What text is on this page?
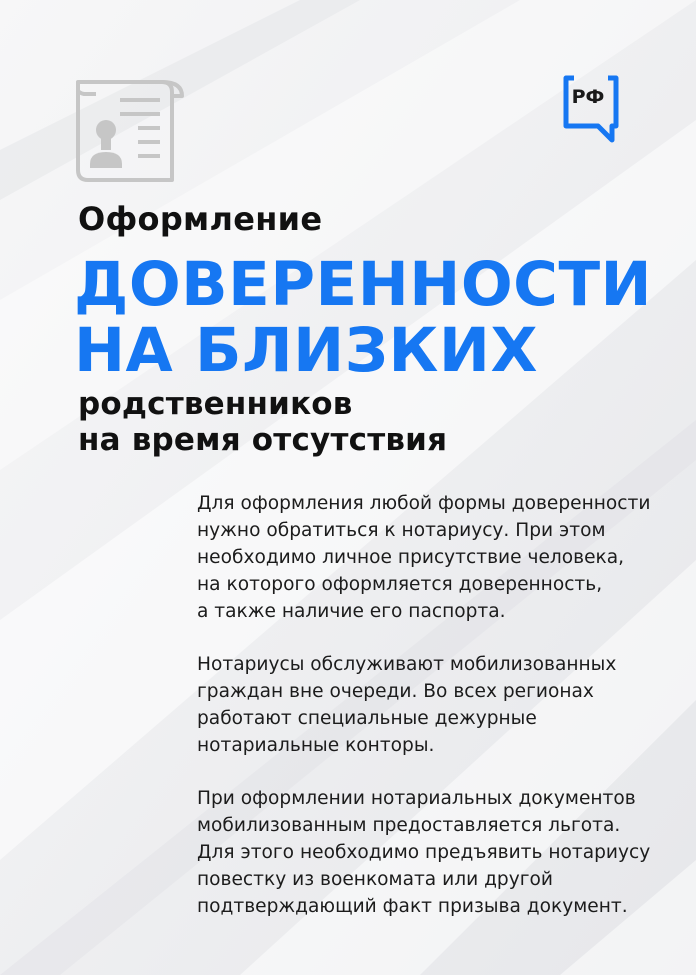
РФ
Оформление
ДОВЕРЕННОСТИ
НА БЛИЗКИХ
родственников
на время отсутствия
Для оформления любой формы доверенности
нужно обратиться к нотариусу. При этом
необходимо личное присутствие человека,
на которого оформляется доверенность,
а также наличие его паспорта.
Нотариусы обслуживают мобилизованных
граждан вне очереди. Во всех регионах
работают специальные дежурные
нотариальные конторы.
При оформлении нотариальных документов
мобилизованным предоставляется льгота.
Для этого необходимо предъявить нотариусу
повестку из военкомата или другой
подтверждающий факт призыва документ.
